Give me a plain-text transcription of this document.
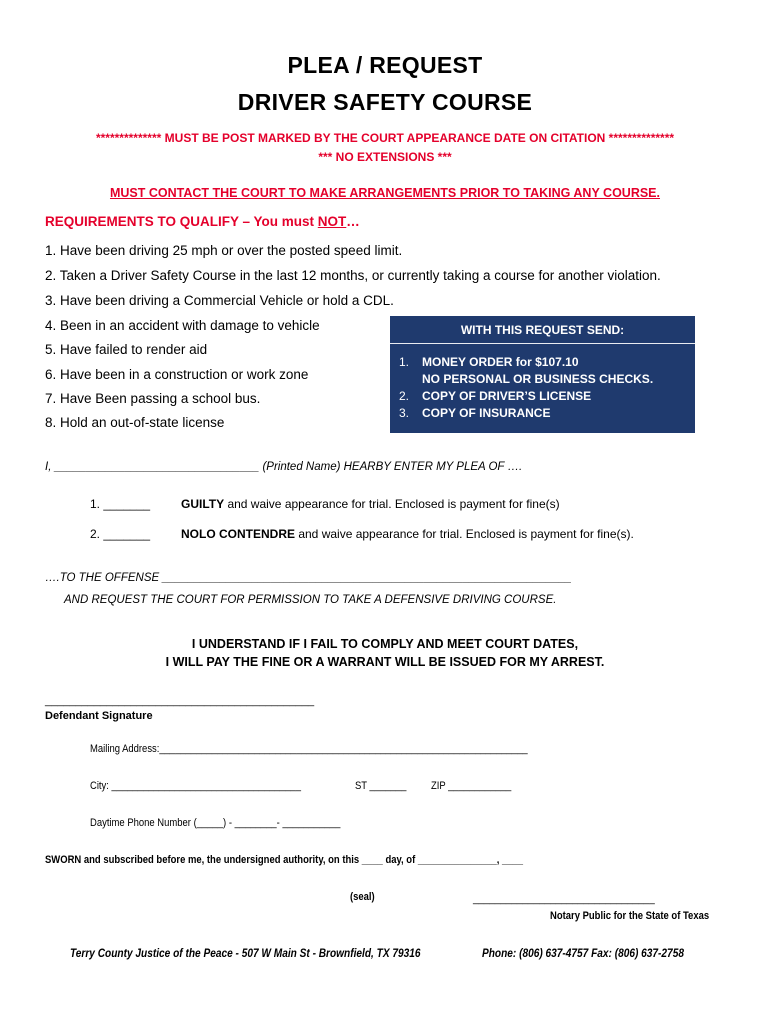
PLEA / REQUEST
DRIVER SAFETY COURSE
************** MUST BE POST MARKED BY THE COURT APPEARANCE DATE ON CITATION **************
*** NO EXTENSIONS ***
MUST CONTACT THE COURT TO MAKE ARRANGEMENTS PRIOR TO TAKING ANY COURSE.
REQUIREMENTS TO QUALIFY – You must NOT…
1. Have been driving 25 mph or over the posted speed limit.
2. Taken a Driver Safety Course in the last 12 months, or currently taking a course for another violation.
3. Have been driving a Commercial Vehicle or hold a CDL.
4. Been in an accident with damage to vehicle
5. Have failed to render aid
6. Have been in a construction or work zone
7. Have Been passing a school bus.
8. Hold an out-of-state license
WITH THIS REQUEST SEND:
1. MONEY ORDER for $107.10
NO PERSONAL OR BUSINESS CHECKS.
2. COPY OF DRIVER’S LICENSE
3. COPY OF INSURANCE
I, ________________________________ (Printed Name) HEARBY ENTER MY PLEA OF ….
1. _______	GUILTY and waive appearance for trial. Enclosed is payment for fine(s)
2. _______	NOLO CONTENDRE and waive appearance for trial. Enclosed is payment for fine(s).
….TO THE OFFENSE ________________________________________________________________
AND REQUEST THE COURT FOR PERMISSION TO TAKE A DEFENSIVE DRIVING COURSE.
I UNDERSTAND IF I FAIL TO COMPLY AND MEET COURT DATES,
I WILL PAY THE FINE OR A WARRANT WILL BE ISSUED FOR MY ARREST.
____________________________________________
Defendant Signature
Mailing Address:______________________________________________________________________
City: ____________________________________	ST _______ ZIP ____________
Daytime Phone Number (_____) - ________- ___________
SWORN and subscribed before me, the undersigned authority, on this ____ day, of _______________, ____
(seal)	_________________________________
Notary Public for the State of Texas
Terry County Justice of the Peace - 507 W Main St - Brownfield, TX 79316	Phone: (806) 637-4757 Fax: (806) 637-2758
